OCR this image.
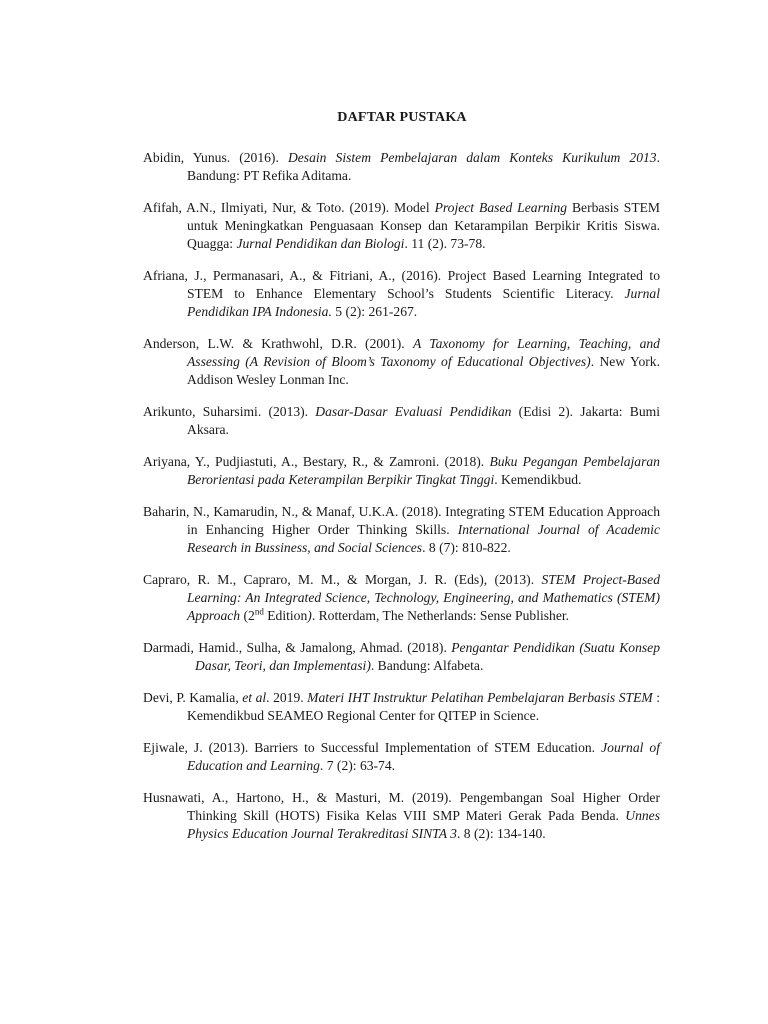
DAFTAR PUSTAKA
Abidin, Yunus. (2016). Desain Sistem Pembelajaran dalam Konteks Kurikulum 2013. Bandung: PT Refika Aditama.
Afifah, A.N., Ilmiyati, Nur, & Toto. (2019). Model Project Based Learning Berbasis STEM untuk Meningkatkan Penguasaan Konsep dan Ketarampilan Berpikir Kritis Siswa. Quagga: Jurnal Pendidikan dan Biologi. 11 (2). 73-78.
Afriana, J., Permanasari, A., & Fitriani, A., (2016). Project Based Learning Integrated to STEM to Enhance Elementary School’s Students Scientific Literacy. Jurnal Pendidikan IPA Indonesia. 5 (2): 261-267.
Anderson, L.W. & Krathwohl, D.R. (2001). A Taxonomy for Learning, Teaching, and Assessing (A Revision of Bloom’s Taxonomy of Educational Objectives). New York. Addison Wesley Lonman Inc.
Arikunto, Suharsimi. (2013). Dasar-Dasar Evaluasi Pendidikan (Edisi 2). Jakarta: Bumi Aksara.
Ariyana, Y., Pudjiastuti, A., Bestary, R., & Zamroni. (2018). Buku Pegangan Pembelajaran Berorientasi pada Keterampilan Berpikir Tingkat Tinggi. Kemendikbud.
Baharin, N., Kamarudin, N., & Manaf, U.K.A. (2018). Integrating STEM Education Approach in Enhancing Higher Order Thinking Skills. International Journal of Academic Research in Bussiness, and Social Sciences. 8 (7): 810-822.
Capraro, R. M., Capraro, M. M., & Morgan, J. R. (Eds), (2013). STEM Project-Based Learning: An Integrated Science, Technology, Engineering, and Mathematics (STEM) Approach (2nd Edition). Rotterdam, The Netherlands: Sense Publisher.
Darmadi, Hamid., Sulha, & Jamalong, Ahmad. (2018). Pengantar Pendidikan (Suatu Konsep Dasar, Teori, dan Implementasi). Bandung: Alfabeta.
Devi, P. Kamalia, et al. 2019. Materi IHT Instruktur Pelatihan Pembelajaran Berbasis STEM : Kemendikbud SEAMEO Regional Center for QITEP in Science.
Ejiwale, J. (2013). Barriers to Successful Implementation of STEM Education. Journal of Education and Learning. 7 (2): 63-74.
Husnawati, A., Hartono, H., & Masturi, M. (2019). Pengembangan Soal Higher Order Thinking Skill (HOTS) Fisika Kelas VIII SMP Materi Gerak Pada Benda. Unnes Physics Education Journal Terakreditasi SINTA 3. 8 (2): 134-140.
